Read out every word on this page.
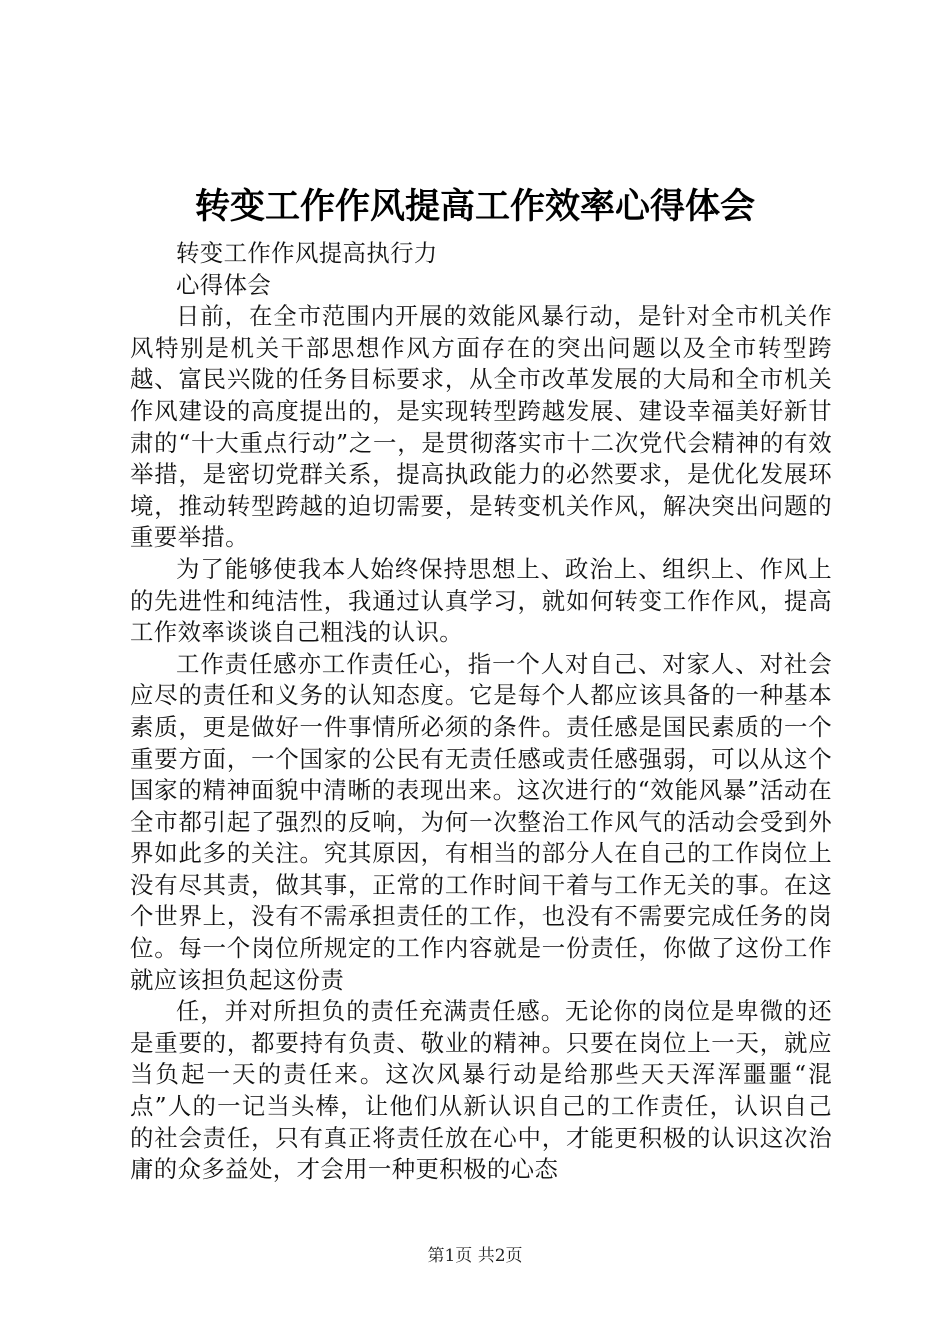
转变工作作风提高工作效率心得体会

转变工作作风提高执行力

心得体会

日前，在全市范围内开展的效能风暴行动，是针对全市机关作风特别是机关干部思想作风方面存在的突出问题以及全市转型跨越、富民兴陇的任务目标要求，从全市改革发展的大局和全市机关作风建设的高度提出的，是实现转型跨越发展、建设幸福美好新甘肃的“十大重点行动”之一，是贯彻落实市十二次党代会精神的有效举措，是密切党群关系，提高执政能力的必然要求，是优化发展环境，推动转型跨越的迫切需要，是转变机关作风，解决突出问题的重要举措。

为了能够使我本人始终保持思想上、政治上、组织上、作风上的先进性和纯洁性，我通过认真学习，就如何转变工作作风，提高工作效率谈谈自己粗浅的认识。

工作责任感亦工作责任心，指一个人对自己、对家人、对社会应尽的责任和义务的认知态度。它是每个人都应该具备的一种基本素质，更是做好一件事情所必须的条件。责任感是国民素质的一个重要方面，一个国家的公民有无责任感或责任感强弱，可以从这个国家的精神面貌中清晰的表现出来。这次进行的“效能风暴”活动在全市都引起了强烈的反响，为何一次整治工作风气的活动会受到外界如此多的关注。究其原因，有相当的部分人在自己的工作岗位上没有尽其责，做其事，正常的工作时间干着与工作无关的事。在这个世界上，没有不需承担责任的工作，也没有不需要完成任务的岗位。每一个岗位所规定的工作内容就是一份责任，你做了这份工作就应该担负起这份责

任，并对所担负的责任充满责任感。无论你的岗位是卑微的还是重要的，都要持有负责、敬业的精神。只要在岗位上一天，就应当负起一天的责任来。这次风暴行动是给那些天天浑浑噩噩“混点”人的一记当头棒，让他们从新认识自己的工作责任，认识自己的社会责任，只有真正将责任放在心中，才能更积极的认识这次治庸的众多益处，才会用一种更积极的心态

第1页 共2页
